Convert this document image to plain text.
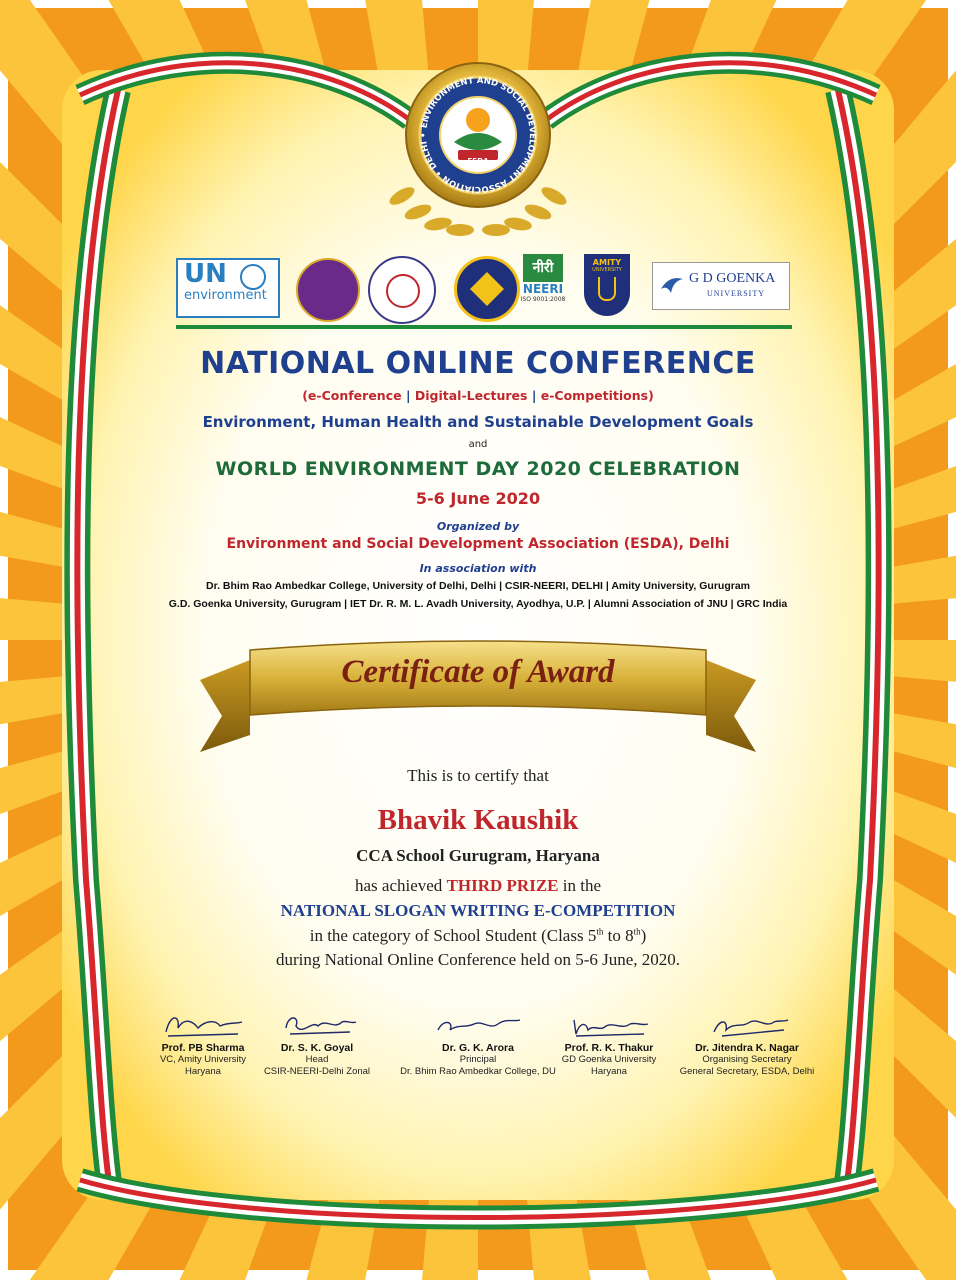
ENVIRONMENT AND SOCIAL DEVELOPMENT ASSOCIATION • DELHI •
ESDA
UN
environment
नीरी
NEERI
ISO 9001:2008
AMITY
UNIVERSITY
G D GOENKA
UNIVERSITY
NATIONAL ONLINE CONFERENCE
(e-Conference | Digital-Lectures | e-Competitions)
Environment, Human Health and Sustainable Development Goals
and
WORLD ENVIRONMENT DAY 2020 CELEBRATION
5-6 June 2020
Organized by
Environment and Social Development Association (ESDA), Delhi
In association with
Dr. Bhim Rao Ambedkar College, University of Delhi, Delhi | CSIR-NEERI, DELHI | Amity University, Gurugram
G.D. Goenka University, Gurugram | IET Dr. R. M. L. Avadh University, Ayodhya, U.P. | Alumni Association of JNU | GRC India
Certificate of Award
This is to certify that
Bhavik Kaushik
CCA School Gurugram, Haryana
has achieved THIRD PRIZE in the
NATIONAL SLOGAN WRITING E-COMPETITION
in the category of School Student (Class 5th to 8th)
during National Online Conference held on 5-6 June, 2020.
Prof. PB Sharma
VC, Amity University
Haryana
Dr. S. K. Goyal
Head
CSIR-NEERI-Delhi Zonal
Dr. G. K. Arora
Principal
Dr. Bhim Rao Ambedkar College, DU
Prof. R. K. Thakur
GD Goenka University
Haryana
Dr. Jitendra K. Nagar
Organising Secretary
General Secretary, ESDA, Delhi
